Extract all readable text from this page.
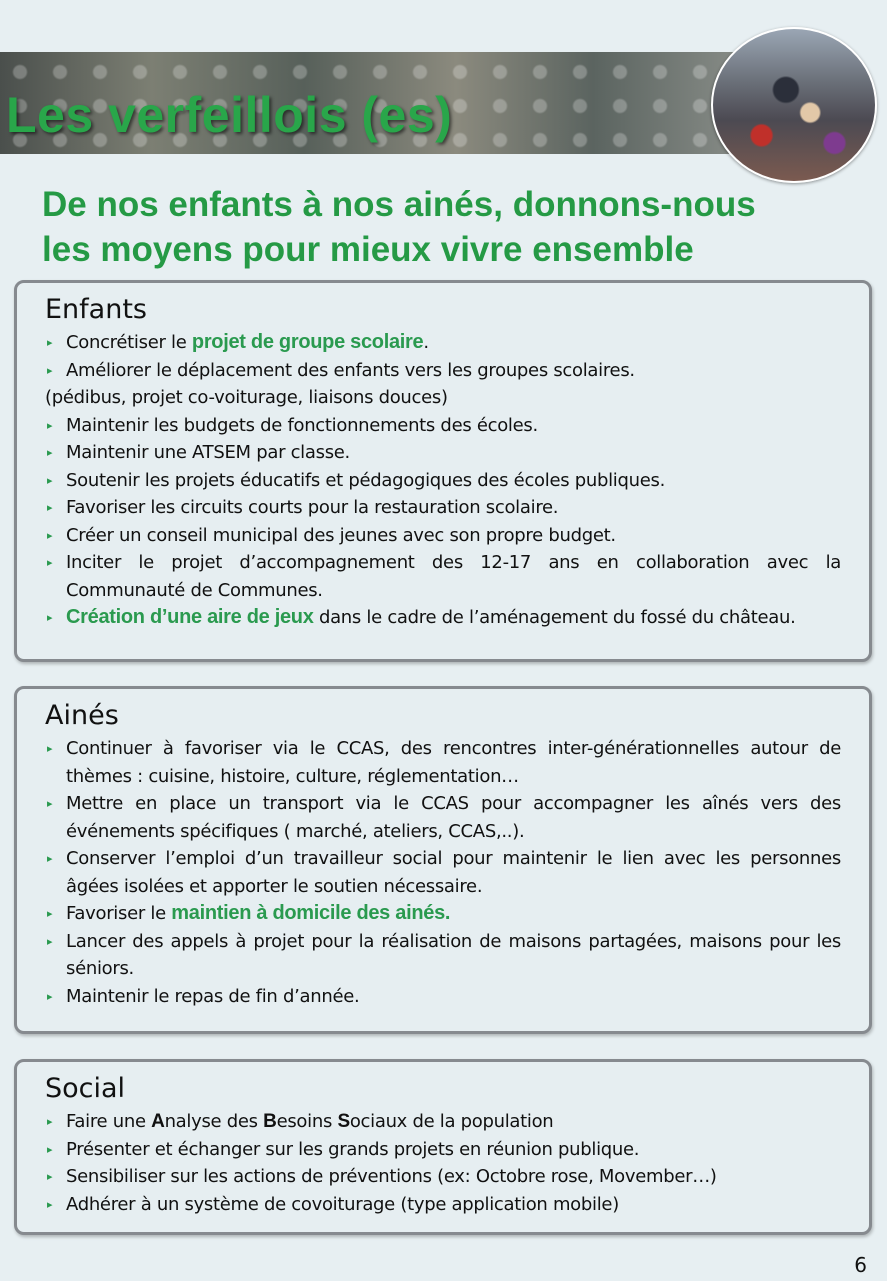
Les verfeillois (es)
De nos enfants à nos ainés, donnons-nous
les moyens pour mieux vivre ensemble
Enfants
▸ Concrétiser le projet de groupe scolaire.
▸ Améliorer le déplacement des enfants vers les groupes scolaires.
(pédibus, projet co-voiturage, liaisons douces)
▸ Maintenir les budgets de fonctionnements des écoles.
▸ Maintenir une ATSEM par classe.
▸ Soutenir les projets éducatifs et pédagogiques des écoles publiques.
▸ Favoriser les circuits courts pour la restauration scolaire.
▸ Créer un conseil municipal des jeunes avec son propre budget.
▸ Inciter le projet d’accompagnement des 12-17 ans en collaboration avec la Communauté de Communes.
▸ Création d’une aire de jeux dans le cadre de l’aménagement du fossé du château.
Ainés
▸ Continuer à favoriser via le CCAS, des rencontres inter-générationnelles autour de thèmes : cuisine, histoire, culture, réglementation…
▸ Mettre en place un transport via le CCAS pour accompagner les aînés vers des événements spécifiques ( marché, ateliers, CCAS,..).
▸ Conserver l’emploi d’un travailleur social pour maintenir le lien avec les personnes âgées isolées et apporter le soutien nécessaire.
▸ Favoriser le maintien à domicile des ainés.
▸ Lancer des appels à projet pour la réalisation de maisons partagées, maisons pour les séniors.
▸ Maintenir le repas de fin d’année.
Social
▸ Faire une Analyse des Besoins Sociaux de la population
▸ Présenter et échanger sur les grands projets en réunion publique.
▸ Sensibiliser sur les actions de préventions (ex: Octobre rose, Movember…)
▸ Adhérer à un système de covoiturage (type application mobile)
6
